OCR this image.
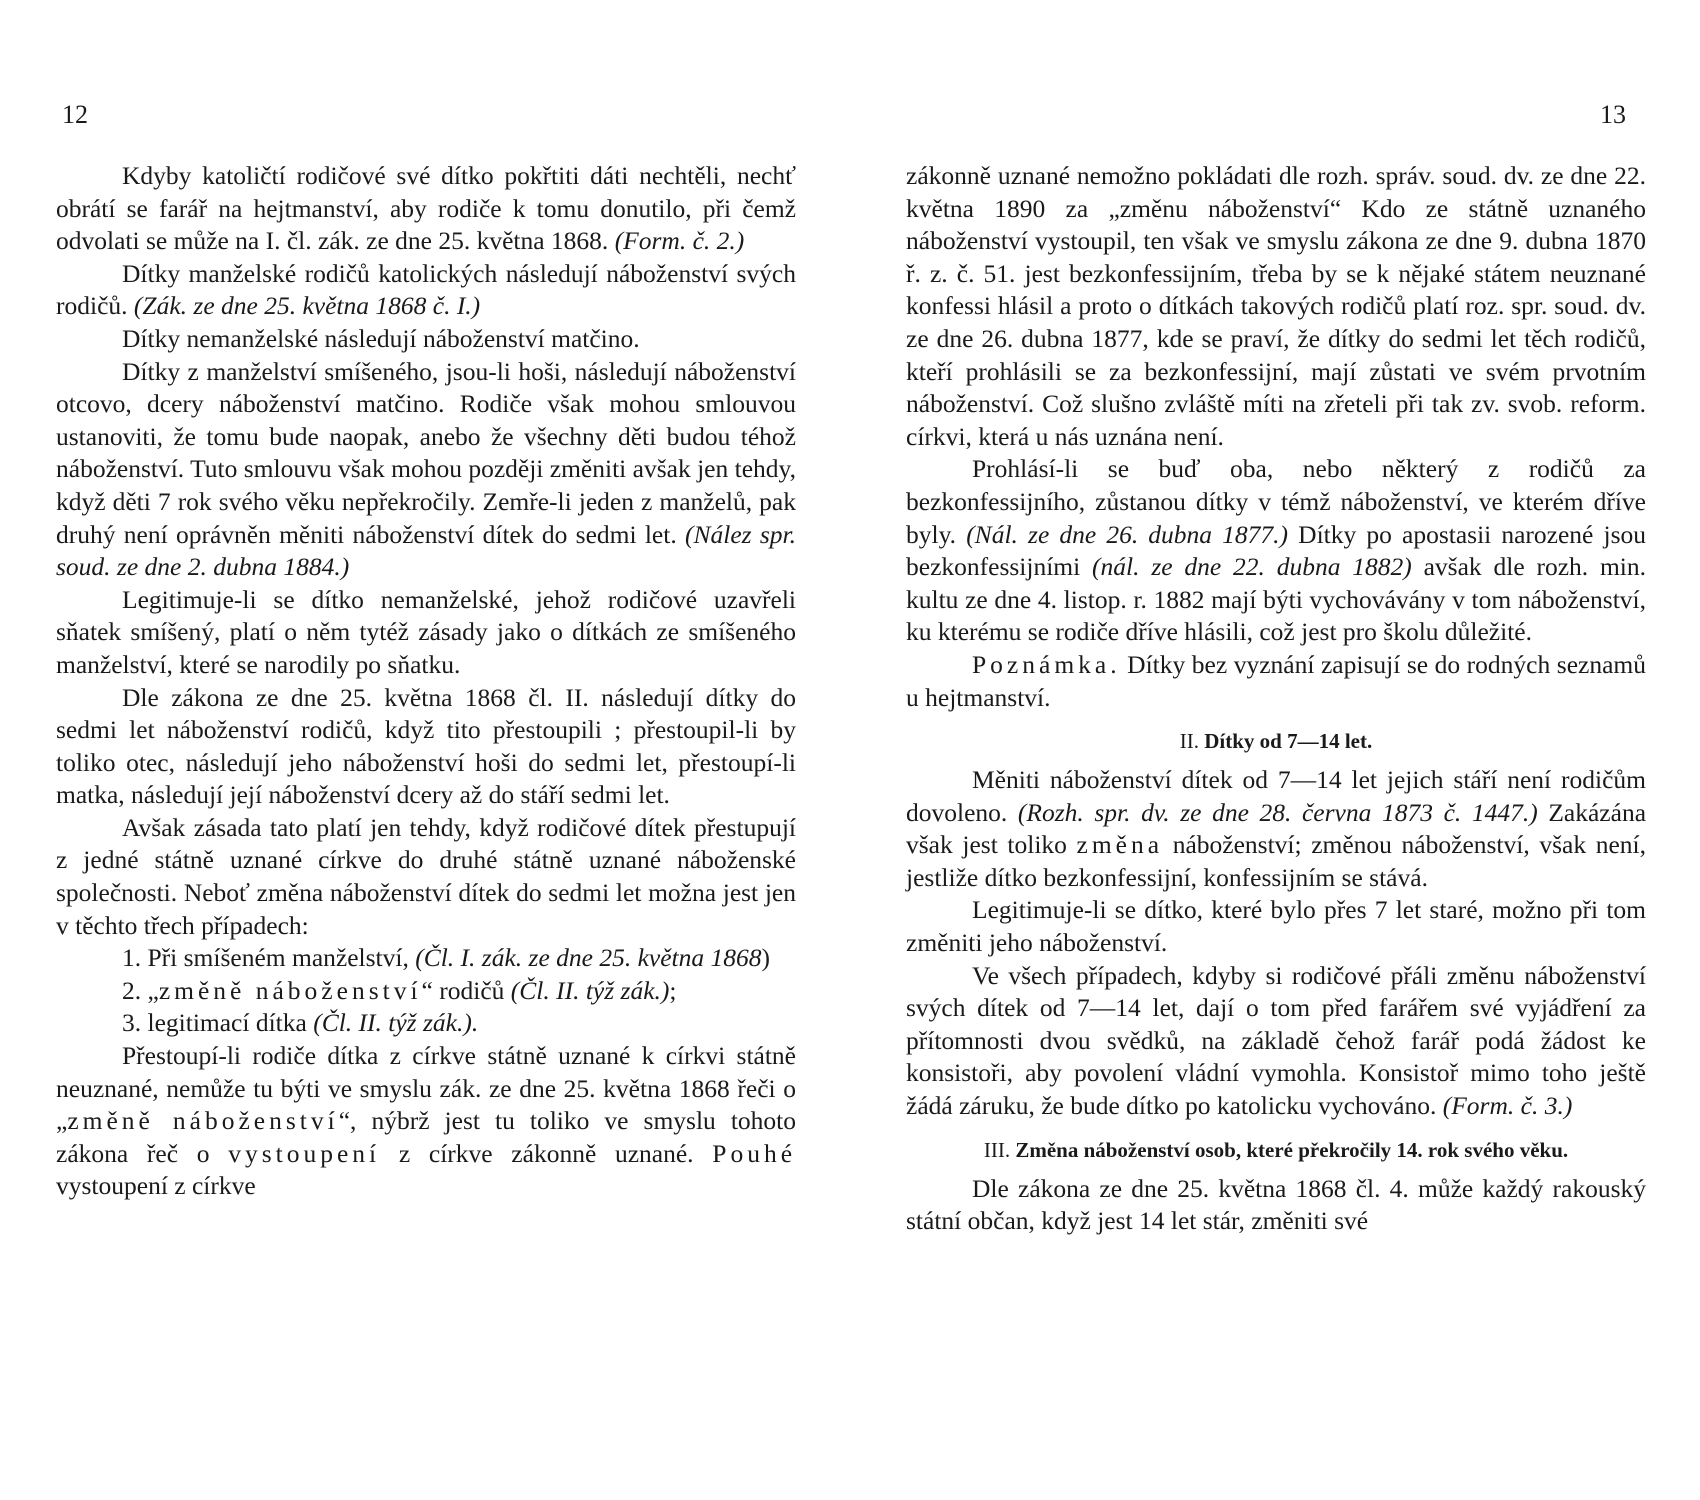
12	13

Kdyby katoličtí rodičové své dítko pokřtiti dáti nechtěli, nechť obrátí se farář na hejtmanství, aby rodiče k tomu donutilo, při čemž odvolati se může na I. čl. zák. ze dne 25. května 1868. (Form. č. 2.)

Dítky manželské rodičů katolických následují náboženství svých rodičů. (Zák. ze dne 25. května 1868 č. I.)

Dítky nemanželské následují náboženství matčino.

Dítky z manželství smíšeného, jsou-li hoši, následují náboženství otcovo, dcery náboženství matčino. Rodiče však mohou smlouvou ustanoviti, že tomu bude naopak, anebo že všechny děti budou téhož náboženství. Tuto smlouvu však mohou později změniti avšak jen tehdy, když děti 7 rok svého věku nepřekročily. Zemře-li jeden z manželů, pak druhý není oprávněn měniti náboženství dítek do sedmi let. (Nález spr. soud. ze dne 2. dubna 1884.)

Legitimuje-li se dítko nemanželské, jehož rodičové uzavřeli sňatek smíšený, platí o něm tytéž zásady jako o dítkách ze smíšeného manželství, které se narodily po sňatku.

Dle zákona ze dne 25. května 1868 čl. II. následují dítky do sedmi let náboženství rodičů, když tito přestoupili ; přestoupil-li by toliko otec, následují jeho náboženství hoši do sedmi let, přestoupí-li matka, následují její náboženství dcery až do stáří sedmi let.

Avšak zásada tato platí jen tehdy, když rodičové dítek přestupují z jedné státně uznané církve do druhé státně uznané náboženské společnosti. Neboť změna náboženství dítek do sedmi let možna jest jen v těchto třech případech:

1. Při smíšeném manželství, (Čl. I. zák. ze dne 25. května 1868)

2. „změně náboženství“ rodičů (Čl. II. týž zák.);

3. legitimací dítka (Čl. II. týž zák.).

Přestoupí-li rodiče dítka z církve státně uznané k církvi státně neuznané, nemůže tu býti ve smyslu zák. ze dne 25. května 1868 řeči o „změně náboženství“, nýbrž jest tu toliko ve smyslu tohoto zákona řeč o vystoupení z církve zákonně uznané. Pouhé vystoupení z církve

zákonně uznané nemožno pokládati dle rozh. správ. soud. dv. ze dne 22. května 1890 za „změnu náboženství“ Kdo ze státně uznaného náboženství vystoupil, ten však ve smyslu zákona ze dne 9. dubna 1870 ř. z. č. 51. jest bezkonfessijním, třeba by se k nějaké státem neuznané konfessi hlásil a proto o dítkách takových rodičů platí roz. spr. soud. dv. ze dne 26. dubna 1877, kde se praví, že dítky do sedmi let těch rodičů, kteří prohlásili se za bezkonfessijní, mají zůstati ve svém prvotním náboženství. Což slušno zvláště míti na zřeteli při tak zv. svob. reform. církvi, která u nás uznána není.

Prohlásí-li se buď oba, nebo některý z rodičů za bezkonfessijního, zůstanou dítky v témž náboženství, ve kterém dříve byly. (Nál. ze dne 26. dubna 1877.) Dítky po apostasii narozené jsou bezkonfessijními (nál. ze dne 22. dubna 1882) avšak dle rozh. min. kultu ze dne 4. listop. r. 1882 mají býti vychovávány v tom náboženství, ku kterému se rodiče dříve hlásili, což jest pro školu důležité.

Poznámka. Dítky bez vyznání zapisují se do rodných seznamů u hejtmanství.

II. Dítky od 7—14 let.

Měniti náboženství dítek od 7—14 let jejich stáří není rodičům dovoleno. (Rozh. spr. dv. ze dne 28. června 1873 č. 1447.) Zakázána však jest toliko změna náboženství; změnou náboženství, však není, jestliže dítko bezkonfessijní, konfessijním se stává.

Legitimuje-li se dítko, které bylo přes 7 let staré, možno při tom změniti jeho náboženství.

Ve všech případech, kdyby si rodičové přáli změnu náboženství svých dítek od 7—14 let, dají o tom před farářem své vyjádření za přítomnosti dvou svědků, na základě čehož farář podá žádost ke konsistoři, aby povolení vládní vymohla. Konsistoř mimo toho ještě žádá záruku, že bude dítko po katolicku vychováno. (Form. č. 3.)

III. Změna náboženství osob, které překročily 14. rok svého věku.

Dle zákona ze dne 25. května 1868 čl. 4. může každý rakouský státní občan, když jest 14 let stár, změniti své
